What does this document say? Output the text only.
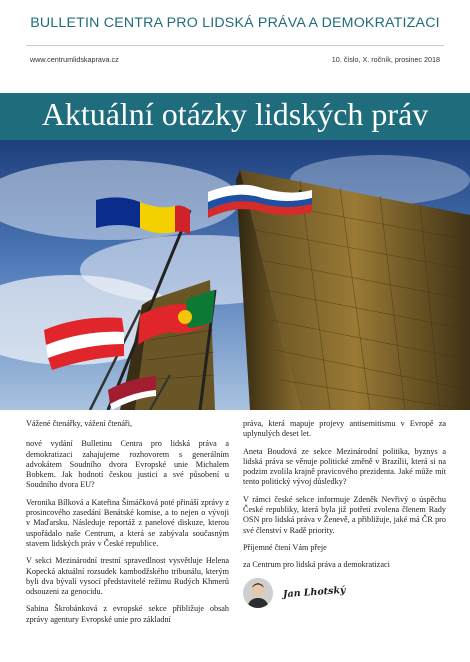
BULLETIN CENTRA PRO LIDSKÁ PRÁVA A DEMOKRATIZACI
www.centrumlidskaprava.cz	10. číslo, X. ročník, prosinec 2018
Aktuální otázky lidských práv

Vážené čtenářky, vážení čtenáři,

nové vydání Bulletinu Centra pro lidská práva a demokratizaci zahajujeme rozhovorem s generálním advokátem Soudního dvora Evropské unie Michalem Bobkem. Jak hodnotí českou justici a své působení u Soudního dvora EU?

Veronika Bílková a Kateřina Šimáčková poté přináší zprávy z prosincového zasedání Benátské komise, a to nejen o vývoji v Maďarsku. Následuje reportáž z panelové diskuze, kterou uspořádalo naše Centrum, a která se zabývala současným stavem lidských práv v České republice.

V sekci Mezinárodní trestní spravedlnost vysvětluje Helena Kopecká aktuální rozsudek kambodžského tribunálu, kterým byli dva bývalí vysocí představitelé režimu Rudých Khmerů odsouzeni za genocidu.

Sabina Škrobánková z evropské sekce přibližuje obsah zprávy agentury Evropské unie pro základní

práva, která mapuje projevy antisemitismu v Evropě za uplynulých deset let.

Aneta Boudová ze sekce Mezinárodní politika, byznys a lidská práva se věnuje politické změně v Brazílii, která si na podzim zvolila krajně pravicového prezidenta. Jaké může mít tento politický vývoj důsledky?

V rámci české sekce informuje Zdeněk Nevřivý o úspěchu České republiky, která byla již potřetí zvolena členem Rady OSN pro lidská práva v Ženevě, a přibližuje, jaké má ČR pro své členství v Radě priority.

Příjemné čtení Vám přeje

za Centrum pro lidská práva a demokratizaci

Jan Lhotský
